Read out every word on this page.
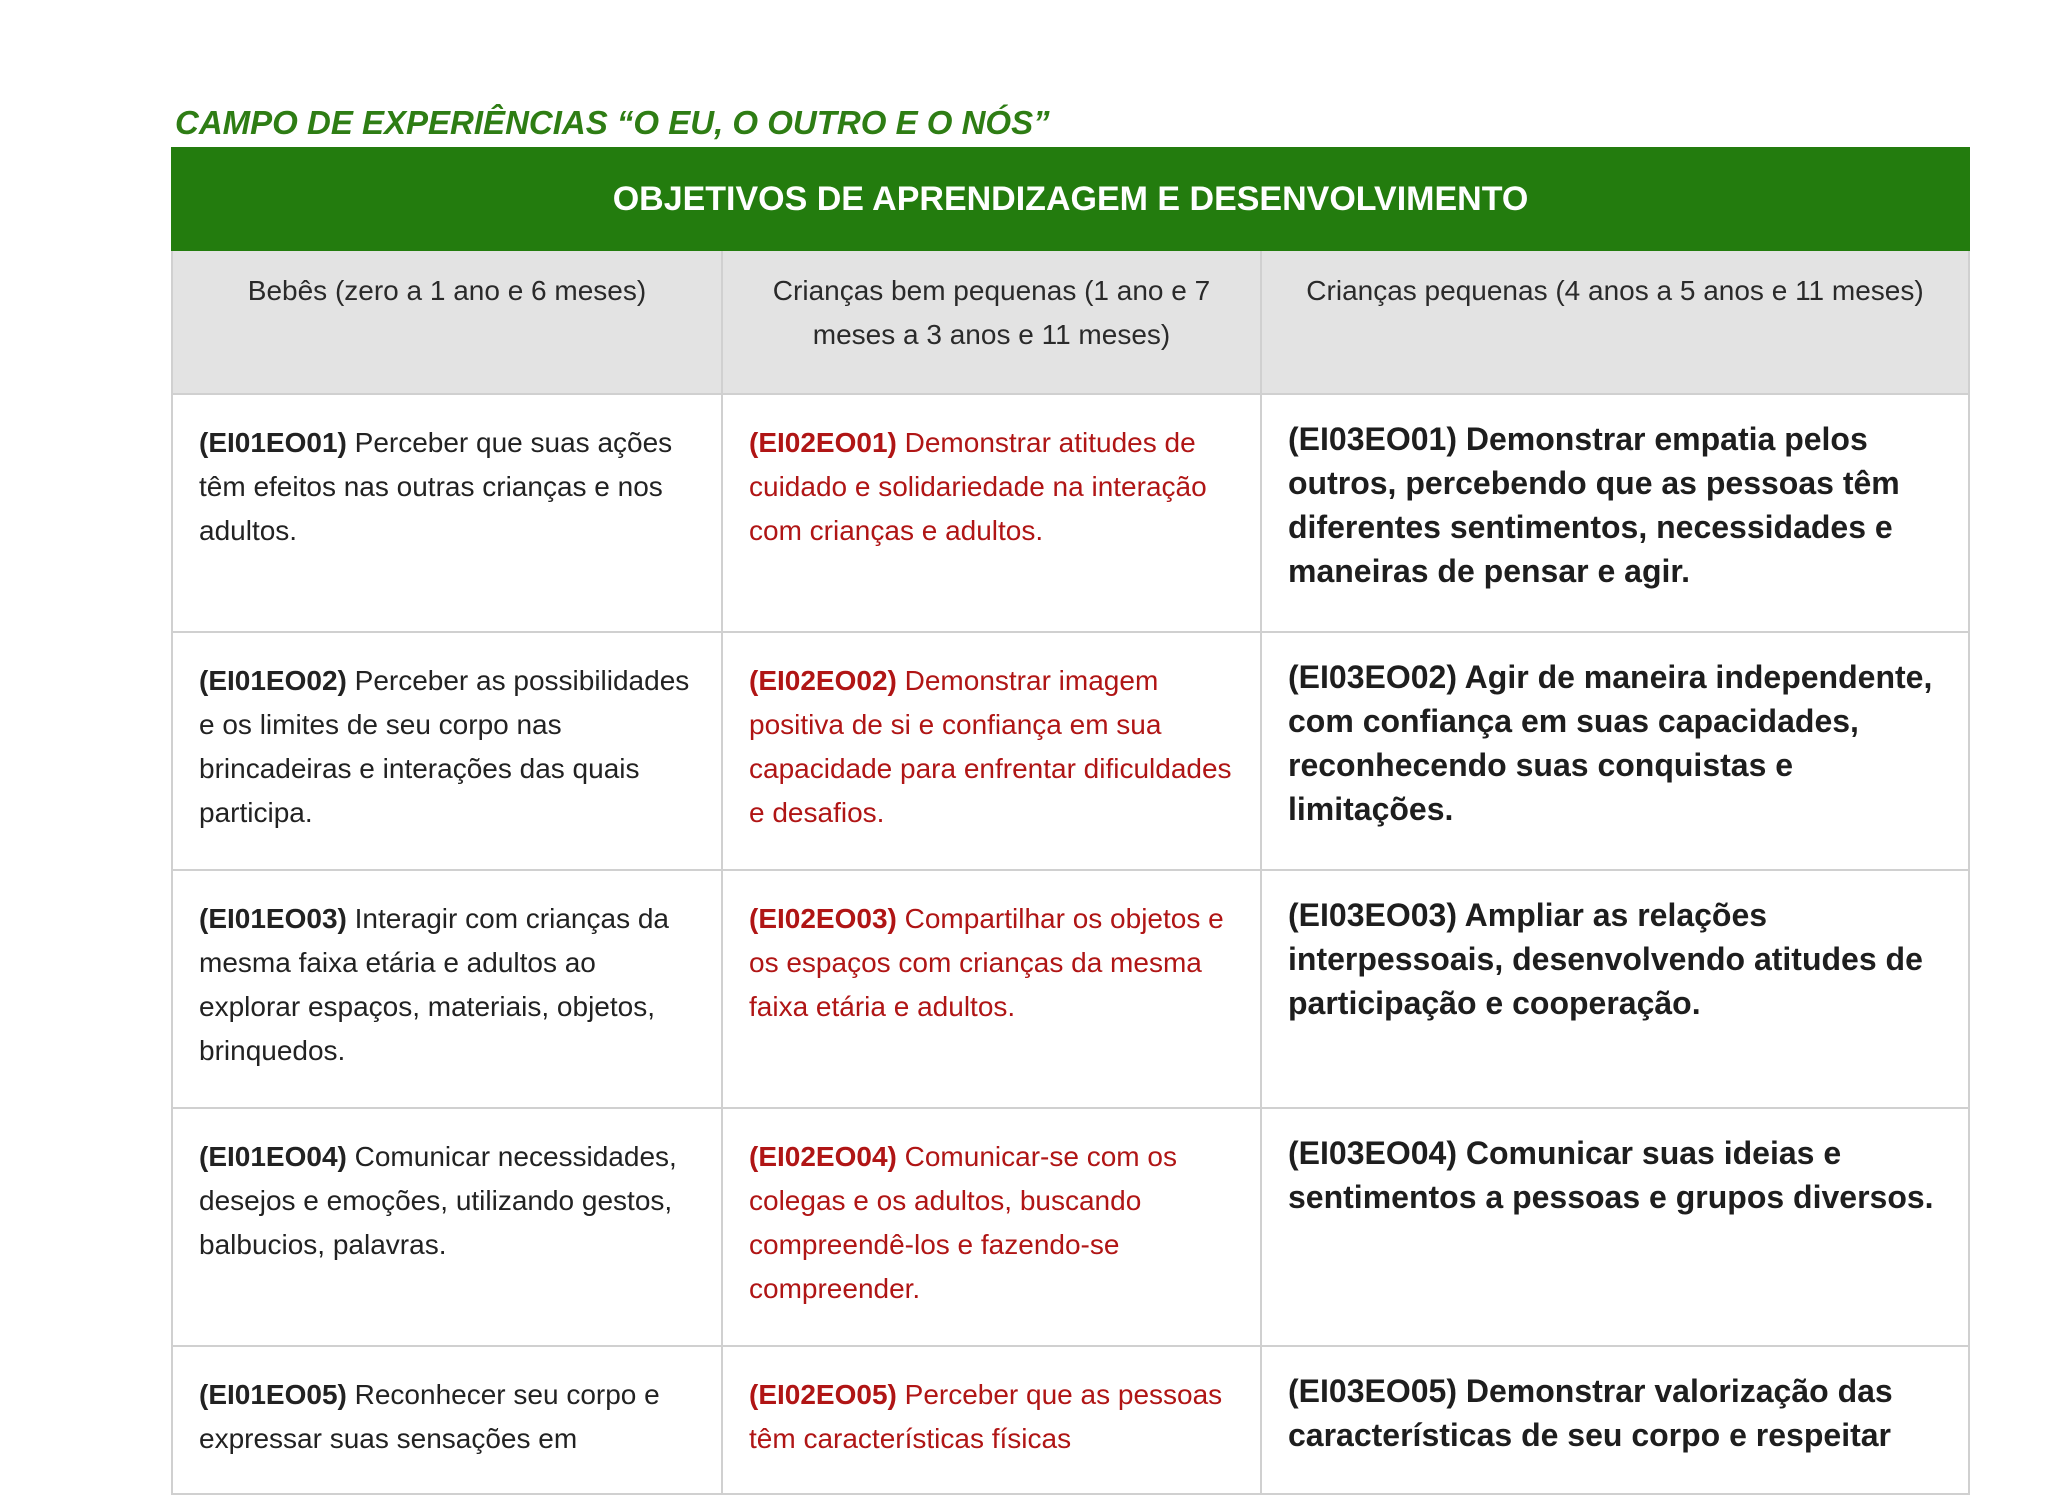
CAMPO DE EXPERIÊNCIAS “O EU, O OUTRO E O NÓS”
OBJETIVOS DE APRENDIZAGEM E DESENVOLVIMENTO		
Bebês (zero a 1 ano e 6 meses)	Crianças bem pequenas (1 ano e 7 meses a 3 anos e 11 meses)	Crianças pequenas (4 anos a 5 anos e 11 meses)
(EI01EO01) Perceber que suas ações têm efeitos nas outras crianças e nos adultos.	(EI02EO01) Demonstrar atitudes de cuidado e solidariedade na interação com crianças e adultos.	(EI03EO01) Demonstrar empatia pelos outros, percebendo que as pessoas têm diferentes sentimentos, necessidades e maneiras de pensar e agir.
(EI01EO02) Perceber as possibilidades e os limites de seu corpo nas brincadeiras e interações das quais participa.	(EI02EO02) Demonstrar imagem positiva de si e confiança em sua capacidade para enfrentar dificuldades e desafios.	(EI03EO02) Agir de maneira independente, com confiança em suas capacidades, reconhecendo suas conquistas e limitações.
(EI01EO03) Interagir com crianças da mesma faixa etária e adultos ao explorar espaços, materiais, objetos, brinquedos.	(EI02EO03) Compartilhar os objetos e os espaços com crianças da mesma faixa etária e adultos.	(EI03EO03) Ampliar as relações interpessoais, desenvolvendo atitudes de participação e cooperação.
(EI01EO04) Comunicar necessidades, desejos e emoções, utilizando gestos, balbucios, palavras.	(EI02EO04) Comunicar-se com os colegas e os adultos, buscando compreendê-los e fazendo-se compreender.	(EI03EO04) Comunicar suas ideias e sentimentos a pessoas e grupos diversos.
(EI01EO05) Reconhecer seu corpo e expressar suas sensações em	(EI02EO05) Perceber que as pessoas têm características físicas	(EI03EO05) Demonstrar valorização das características de seu corpo e respeitar
